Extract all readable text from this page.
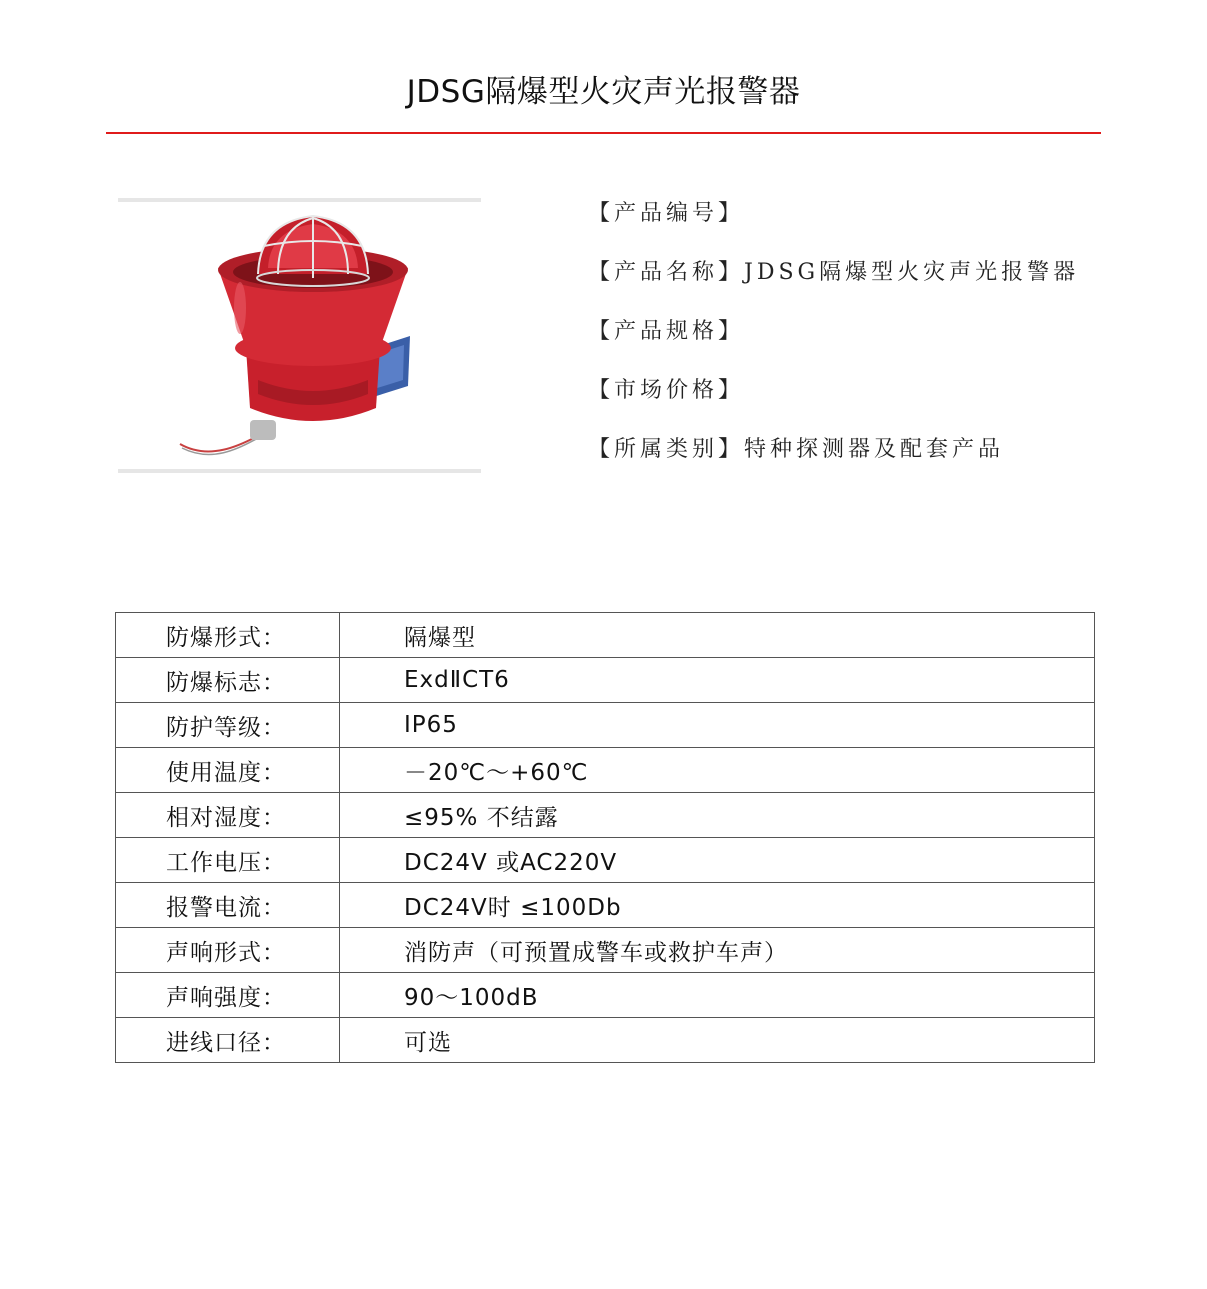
JDSG隔爆型火灾声光报警器
【产品编号】
【产品名称】JDSG隔爆型火灾声光报警器
【产品规格】
【市场价格】
【所属类别】特种探测器及配套产品
防爆形式：	隔爆型
防爆标志：	ExdⅡCT6
防护等级：	IP65
使用温度：	－20℃～+60℃
相对湿度：	≤95% 不结露
工作电压：	DC24V 或AC220V
报警电流：	DC24V时 ≤100Db
声响形式：	消防声（可预置成警车或救护车声）
声响强度：	90～100dB
进线口径：	可选
